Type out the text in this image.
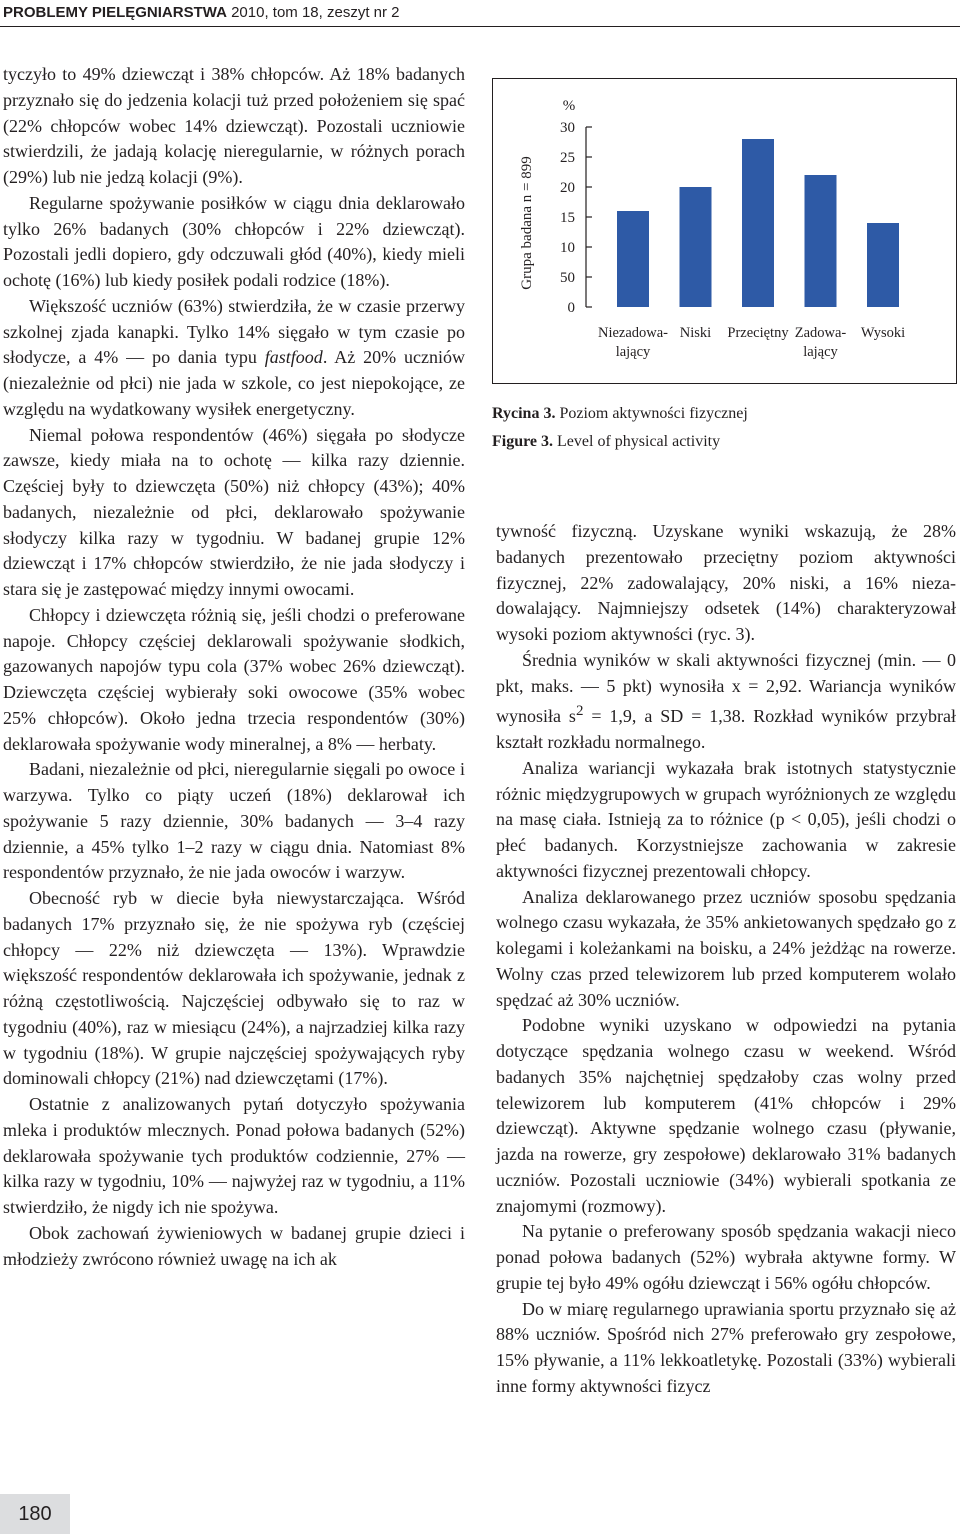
PROBLEMY PIELĘGNIARSTWA 2010, tom 18, zeszyt nr 2

tyczyło to 49% dziewcząt i 38% chłopców. Aż 18% badanych przyznało się do jedzenia kolacji tuż przed położeniem się spać (22% chłopców wobec 14% dziewcząt). Pozostali uczniowie stwierdzili, że jadają kolację nieregularnie, w różnych porach (29%) lub nie jedzą kolacji (9%).

Regularne spożywanie posiłków w ciągu dnia deklarowało tylko 26% badanych (30% chłopców i 22% dziewcząt). Pozostali jedli dopiero, gdy odczuwali głód (40%), kiedy mieli ochotę (16%) lub kiedy posiłek podali rodzice (18%).

Większość uczniów (63%) stwierdziła, że w czasie przerwy szkolnej zjada kanapki. Tylko 14% sięgało w tym czasie po słodycze, a 4% — po dania typu fastfood. Aż 20% uczniów (niezależnie od płci) nie jada w szkole, co jest niepokojące, ze względu na wydatkowany wysiłek energetyczny.

Niemal połowa respondentów (46%) sięgała po słodycze zawsze, kiedy miała na to ochotę — kilka razy dziennie. Częściej były to dziewczęta (50%) niż chłopcy (43%); 40% badanych, niezależnie od płci, deklarowało spożywanie słodyczy kilka razy w tygodniu. W badanej grupie 12% dziewcząt i 17% chłopców stwierdziło, że nie jada słodyczy i stara się je zastępować między innymi owocami.

Chłopcy i dziewczęta różnią się, jeśli chodzi o preferowane napoje. Chłopcy częściej deklarowali spożywanie słodkich, gazowanych napojów typu cola (37% wobec 26% dziewcząt). Dziewczęta częściej wybierały soki owocowe (35% wobec 25% chłopców). Około jedna trzecia respondentów (30%) deklarowała spożywanie wody mineralnej, a 8% — herbaty.

Badani, niezależnie od płci, nieregularnie sięgali po owoce i warzywa. Tylko co piąty uczeń (18%) deklarował ich spożywanie 5 razy dziennie, 30% badanych — 3–4 razy dziennie, a 45% tylko 1–2 razy w ciągu dnia. Natomiast 8% respondentów przyznało, że nie jada owoców i warzyw.

Obecność ryb w diecie była niewystarczająca. Wśród badanych 17% przyznało się, że nie spożywa ryb (częściej chłopcy — 22% niż dziewczęta — 13%). Wprawdzie większość respondentów deklarowała ich spożywanie, jednak z różną częstotliwością. Najczęściej odbywało się to raz w tygodniu (40%), raz w miesiącu (24%), a najrzadziej kilka razy w tygodniu (18%). W grupie najczęściej spożywających ryby dominowali chłopcy (21%) nad dziewczętami (17%).

Ostatnie z analizowanych pytań dotyczyło spożywania mleka i produktów mlecznych. Ponad połowa badanych (52%) deklarowała spożywanie tych produktów codziennie, 27% — kilka razy w tygodniu, 10% — najwyżej raz w tygodniu, a 11% stwierdziło, że nigdy ich nie spożywa.

Obok zachowań żywieniowych w badanej grupie dzieci i młodzieży zwrócono również uwagę na ich ak

%
0
50
10
15
20
25
30
Grupa badana n = 899
Niezadowa-
lający
Niski Przeciętny Zadowa-
lający
Wysoki
Rycina 3. Poziom aktywności fizycznej
Figure 3. Level of physical activity

tywność fizyczną. Uzyskane wyniki wskazują, że 28% badanych prezentowało przeciętny poziom aktywności fizycznej, 22% zadowalający, 20% niski, a 16% niezadowalający. Najmniejszy odsetek (14%) charakteryzował wysoki poziom aktywności (ryc. 3).

Średnia wyników w skali aktywności fizycznej (min. — 0 pkt, maks. — 5 pkt) wynosiła x = 2,92. Wariancja wyników wynosiła $s^2 = 1,9$, a SD = 1,38. Rozkład wyników przybrał kształt rozkładu normalnego.

Analiza wariancji wykazała brak istotnych statystycznie różnic międzygrupowych w grupach wyróżnionych ze względu na masę ciała. Istnieją za to różnice (p < 0,05), jeśli chodzi o płeć badanych. Korzystniejsze zachowania w zakresie aktywności fizycznej prezentowali chłopcy.

Analiza deklarowanego przez uczniów sposobu spędzania wolnego czasu wykazała, że 35% ankietowanych spędzało go z kolegami i koleżankami na boisku, a 24% jeżdżąc na rowerze. Wolny czas przed telewizorem lub przed komputerem wolało spędzać aż 30% uczniów.

Podobne wyniki uzyskano w odpowiedzi na pytania dotyczące spędzania wolnego czasu w weekend. Wśród badanych 35% najchętniej spędzałoby czas wolny przed telewizorem lub komputerem (41% chłopców i 29% dziewcząt). Aktywne spędzanie wolnego czasu (pływanie, jazda na rowerze, gry zespołowe) deklarowało 31% badanych uczniów. Pozostali uczniowie (34%) wybierali spotkania ze znajomymi (rozmowy).

Na pytanie o preferowany sposób spędzania wakacji nieco ponad połowa badanych (52%) wybrała aktywne formy. W grupie tej było 49% ogółu dziewcząt i 56% ogółu chłopców.

Do w miarę regularnego uprawiania sportu przyznało się aż 88% uczniów. Spośród nich 27% preferowało gry zespołowe, 15% pływanie, a 11% lekkoatletykę. Pozostali (33%) wybierali inne formy aktywności fizycz

180
